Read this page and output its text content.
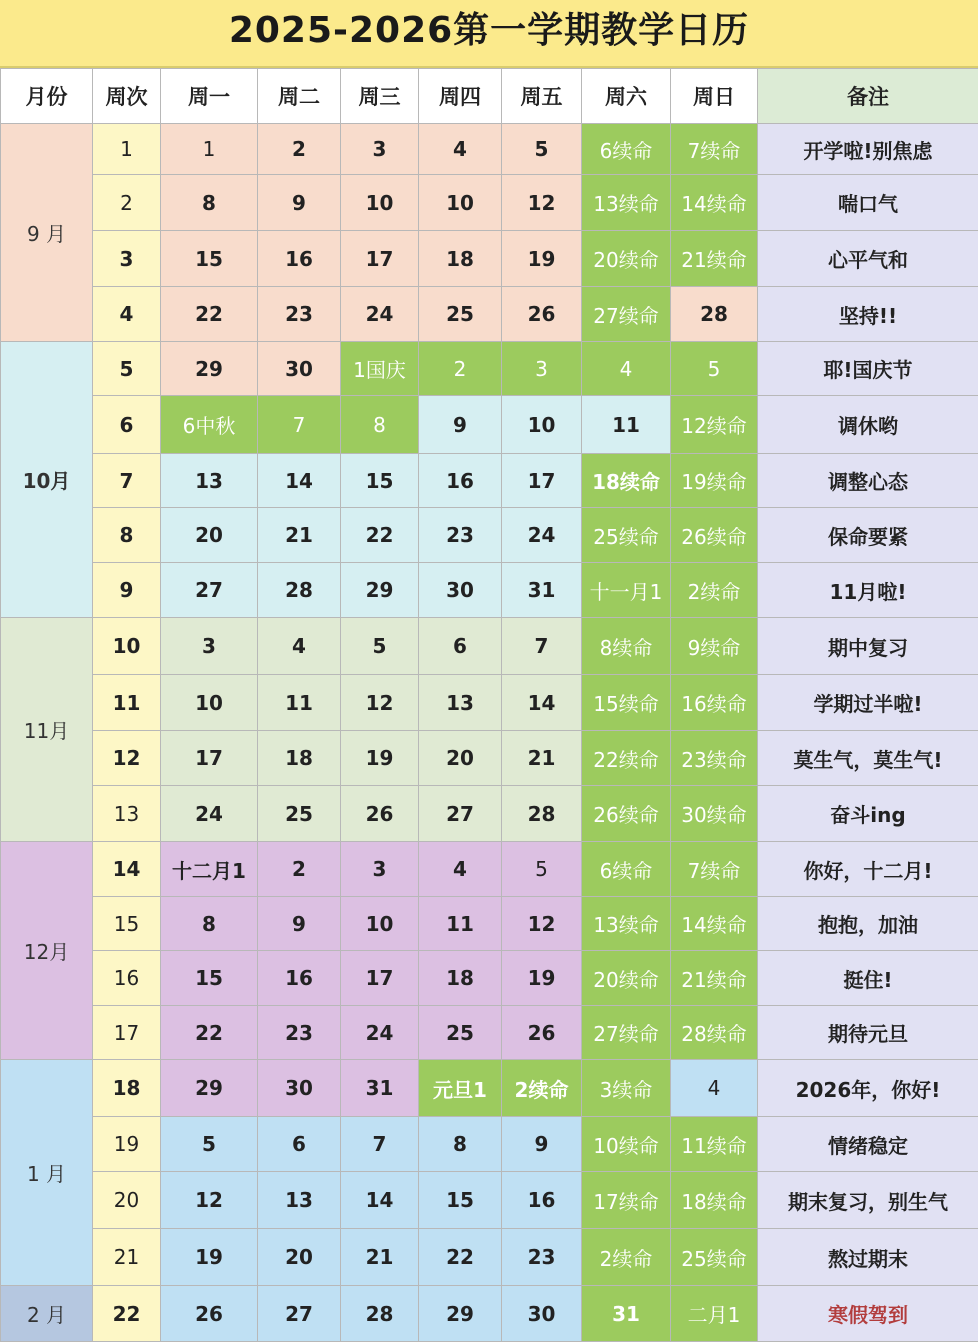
2025-2026第一学期教学日历
月份	周次	周一	周二	周三	周四	周五	周六	周日	备注
9 月	1	1	2	3	4	5	6续命	7续命	开学啦!别焦虑
	2	8	9	10	10	12	13续命	14续命	喘口气
	3	15	16	17	18	19	20续命	21续命	心平气和
	4	22	23	24	25	26	27续命	28	坚持!!
10月	5	29	30	1国庆	2	3	4	5	耶!国庆节
	6	6中秋	7	8	9	10	11	12续命	调休哟
	7	13	14	15	16	17	18续命	19续命	调整心态
	8	20	21	22	23	24	25续命	26续命	保命要紧
	9	27	28	29	30	31	十一月1	2续命	11月啦!
11月	10	3	4	5	6	7	8续命	9续命	期中复习
	11	10	11	12	13	14	15续命	16续命	学期过半啦!
	12	17	18	19	20	21	22续命	23续命	莫生气，莫生气!
	13	24	25	26	27	28	26续命	30续命	奋斗ing
12月	14	十二月1	2	3	4	5	6续命	7续命	你好，十二月!
	15	8	9	10	11	12	13续命	14续命	抱抱，加油
	16	15	16	17	18	19	20续命	21续命	挺住!
	17	22	23	24	25	26	27续命	28续命	期待元旦
1 月	18	29	30	31	元旦1	2续命	3续命	4	2026年，你好!
	19	5	6	7	8	9	10续命	11续命	情绪稳定
	20	12	13	14	15	16	17续命	18续命	期末复习，别生气
	21	19	20	21	22	23	2续命	25续命	熬过期末
2 月	22	26	27	28	29	30	31	二月1	寒假驾到
